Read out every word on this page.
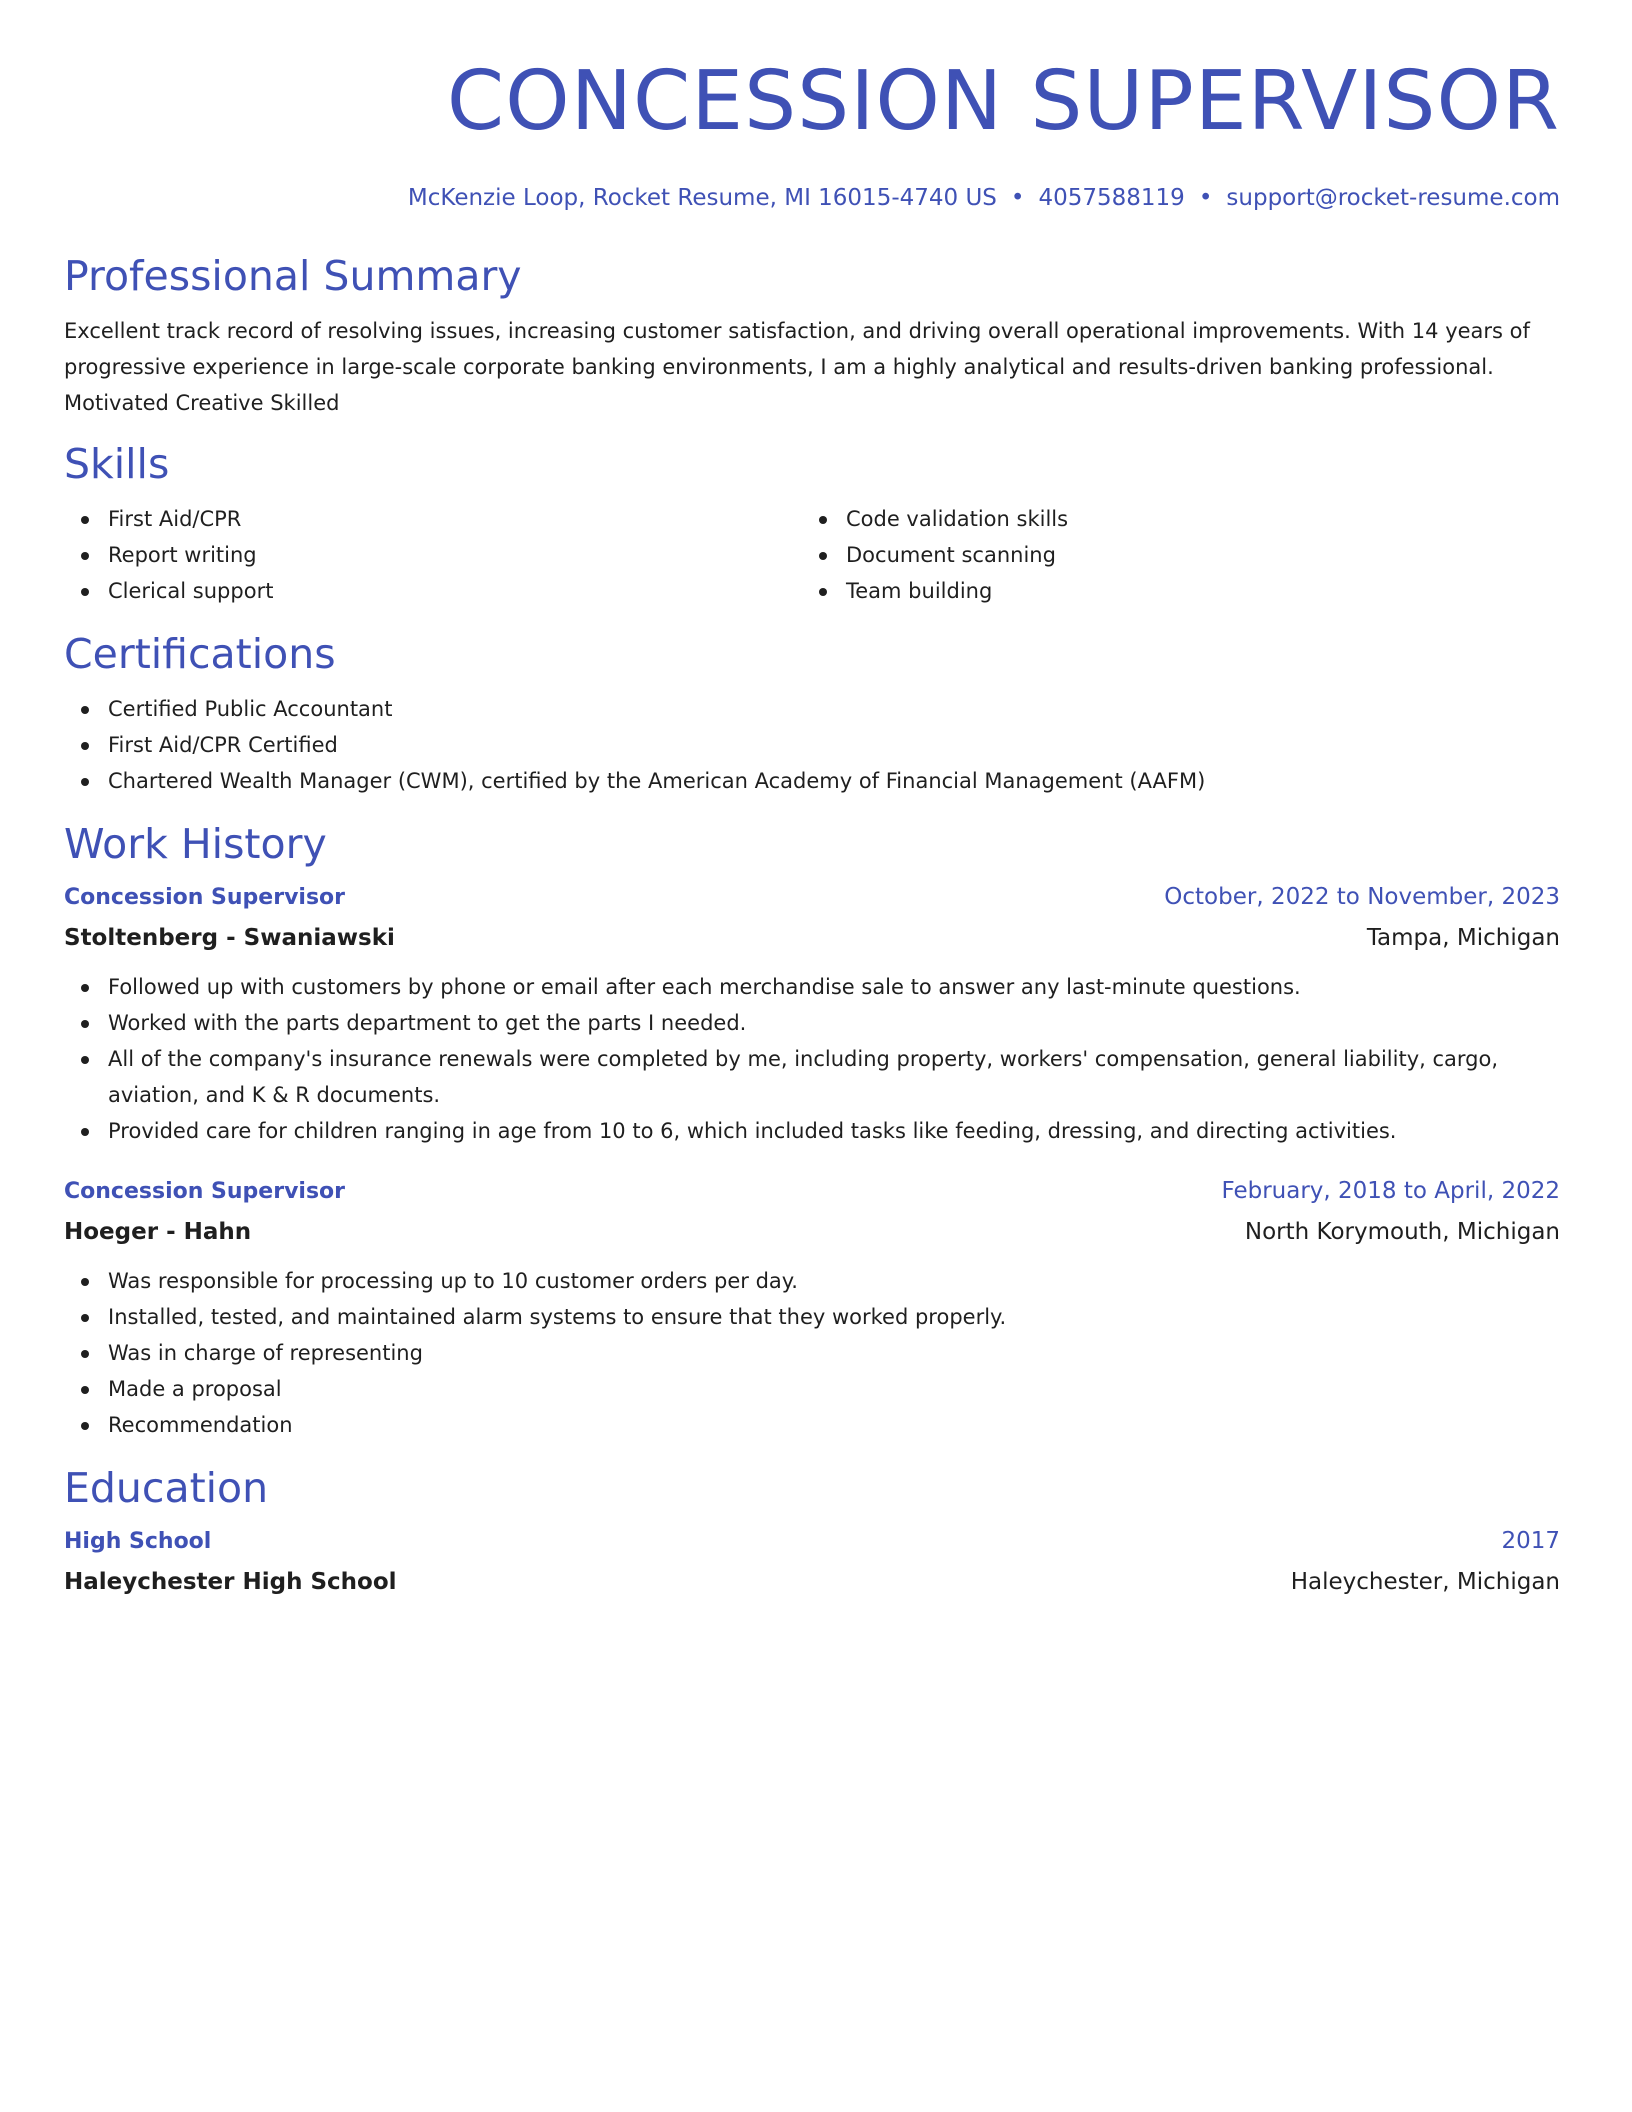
CONCESSION SUPERVISOR
McKenzie Loop, Rocket Resume, MI 16015-4740 US • 4057588119 • support@rocket-resume.com
Professional Summary

Excellent track record of resolving issues, increasing customer satisfaction, and driving overall operational improvements. With 14 years of progressive experience in large-scale corporate banking environments, I am a highly analytical and results-driven banking professional. Motivated Creative Skilled

Skills
First Aid/CPR
Report writing
Clerical support
Code validation skills
Document scanning
Team building
Certifications
Certified Public Accountant
First Aid/CPR Certified
Chartered Wealth Manager (CWM), certified by the American Academy of Financial Management (AAFM)
Work History
Concession Supervisor	October, 2022 to November, 2023
Stoltenberg - Swaniawski	Tampa, Michigan
Followed up with customers by phone or email after each merchandise sale to answer any last-minute questions.
Worked with the parts department to get the parts I needed.
All of the company's insurance renewals were completed by me, including property, workers' compensation, general liability, cargo, aviation, and K & R documents.
Provided care for children ranging in age from 10 to 6, which included tasks like feeding, dressing, and directing activities.
Concession Supervisor	February, 2018 to April, 2022
Hoeger - Hahn	North Korymouth, Michigan
Was responsible for processing up to 10 customer orders per day.
Installed, tested, and maintained alarm systems to ensure that they worked properly.
Was in charge of representing
Made a proposal
Recommendation
Education
High School	2017
Haleychester High School	Haleychester, Michigan
